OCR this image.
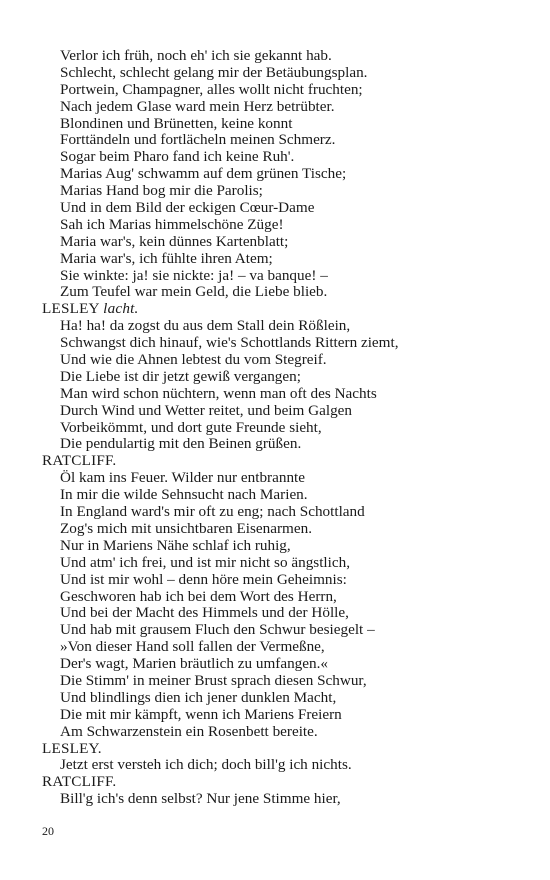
Verlor ich früh, noch eh' ich sie gekannt hab.
Schlecht, schlecht gelang mir der Betäubungsplan.
Portwein, Champagner, alles wollt nicht fruchten;
Nach jedem Glase ward mein Herz betrübter.
Blondinen und Brünetten, keine konnt
Forttändeln und fortlächeln meinen Schmerz.
Sogar beim Pharo fand ich keine Ruh'.
Marias Aug' schwamm auf dem grünen Tische;
Marias Hand bog mir die Parolis;
Und in dem Bild der eckigen Cœur-Dame
Sah ich Marias himmelschöne Züge!
Maria war's, kein dünnes Kartenblatt;
Maria war's, ich fühlte ihren Atem;
Sie winkte: ja! sie nickte: ja! – va banque! –
Zum Teufel war mein Geld, die Liebe blieb.
LESLEY lacht.
Ha! ha! da zogst du aus dem Stall dein Rößlein,
Schwangst dich hinauf, wie's Schottlands Rittern ziemt,
Und wie die Ahnen lebtest du vom Stegreif.
Die Liebe ist dir jetzt gewiß vergangen;
Man wird schon nüchtern, wenn man oft des Nachts
Durch Wind und Wetter reitet, und beim Galgen
Vorbeikömmt, und dort gute Freunde sieht,
Die pendulartig mit den Beinen grüßen.
RATCLIFF.
Öl kam ins Feuer. Wilder nur entbrannte
In mir die wilde Sehnsucht nach Marien.
In England ward's mir oft zu eng; nach Schottland
Zog's mich mit unsichtbaren Eisenarmen.
Nur in Mariens Nähe schlaf ich ruhig,
Und atm' ich frei, und ist mir nicht so ängstlich,
Und ist mir wohl – denn höre mein Geheimnis:
Geschworen hab ich bei dem Wort des Herrn,
Und bei der Macht des Himmels und der Hölle,
Und hab mit grausem Fluch den Schwur besiegelt –
»Von dieser Hand soll fallen der Vermeßne,
Der's wagt, Marien bräutlich zu umfangen.«
Die Stimm' in meiner Brust sprach diesen Schwur,
Und blindlings dien ich jener dunklen Macht,
Die mit mir kämpft, wenn ich Mariens Freiern
Am Schwarzenstein ein Rosenbett bereite.
LESLEY.
Jetzt erst versteh ich dich; doch bill'g ich nichts.
RATCLIFF.
Bill'g ich's denn selbst? Nur jene Stimme hier,
20
